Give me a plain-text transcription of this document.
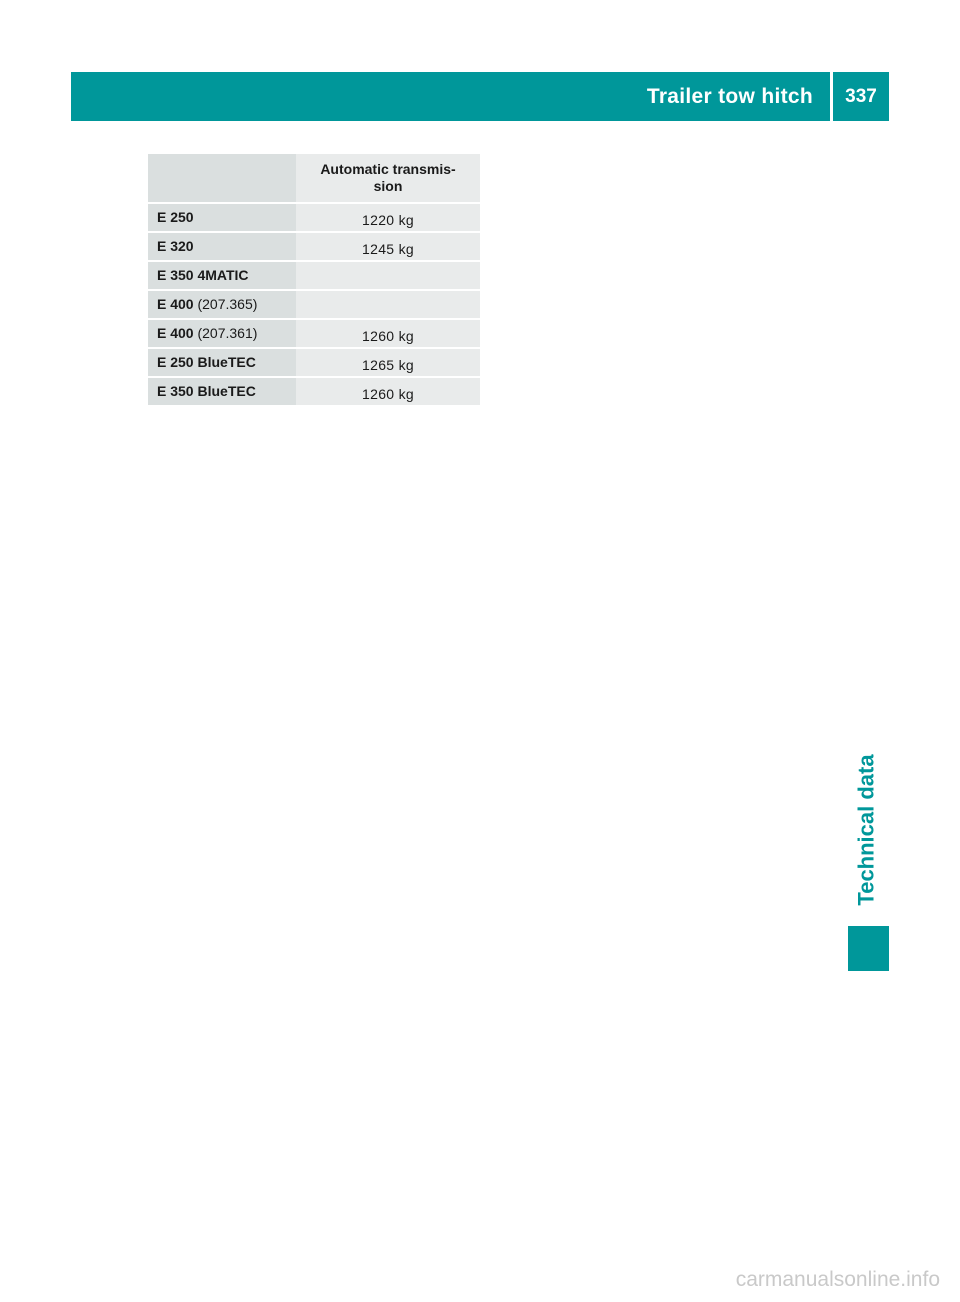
Trailer tow hitch	337
	Automatic transmis-
sion
E 250	1220 kg
E 320	1245 kg
E 350 4MATIC	
E 400 (207.365)	
E 400 (207.361)	1260 kg
E 250 BlueTEC	1265 kg
E 350 BlueTEC	1260 kg
Technical data
carmanualsonline.info
